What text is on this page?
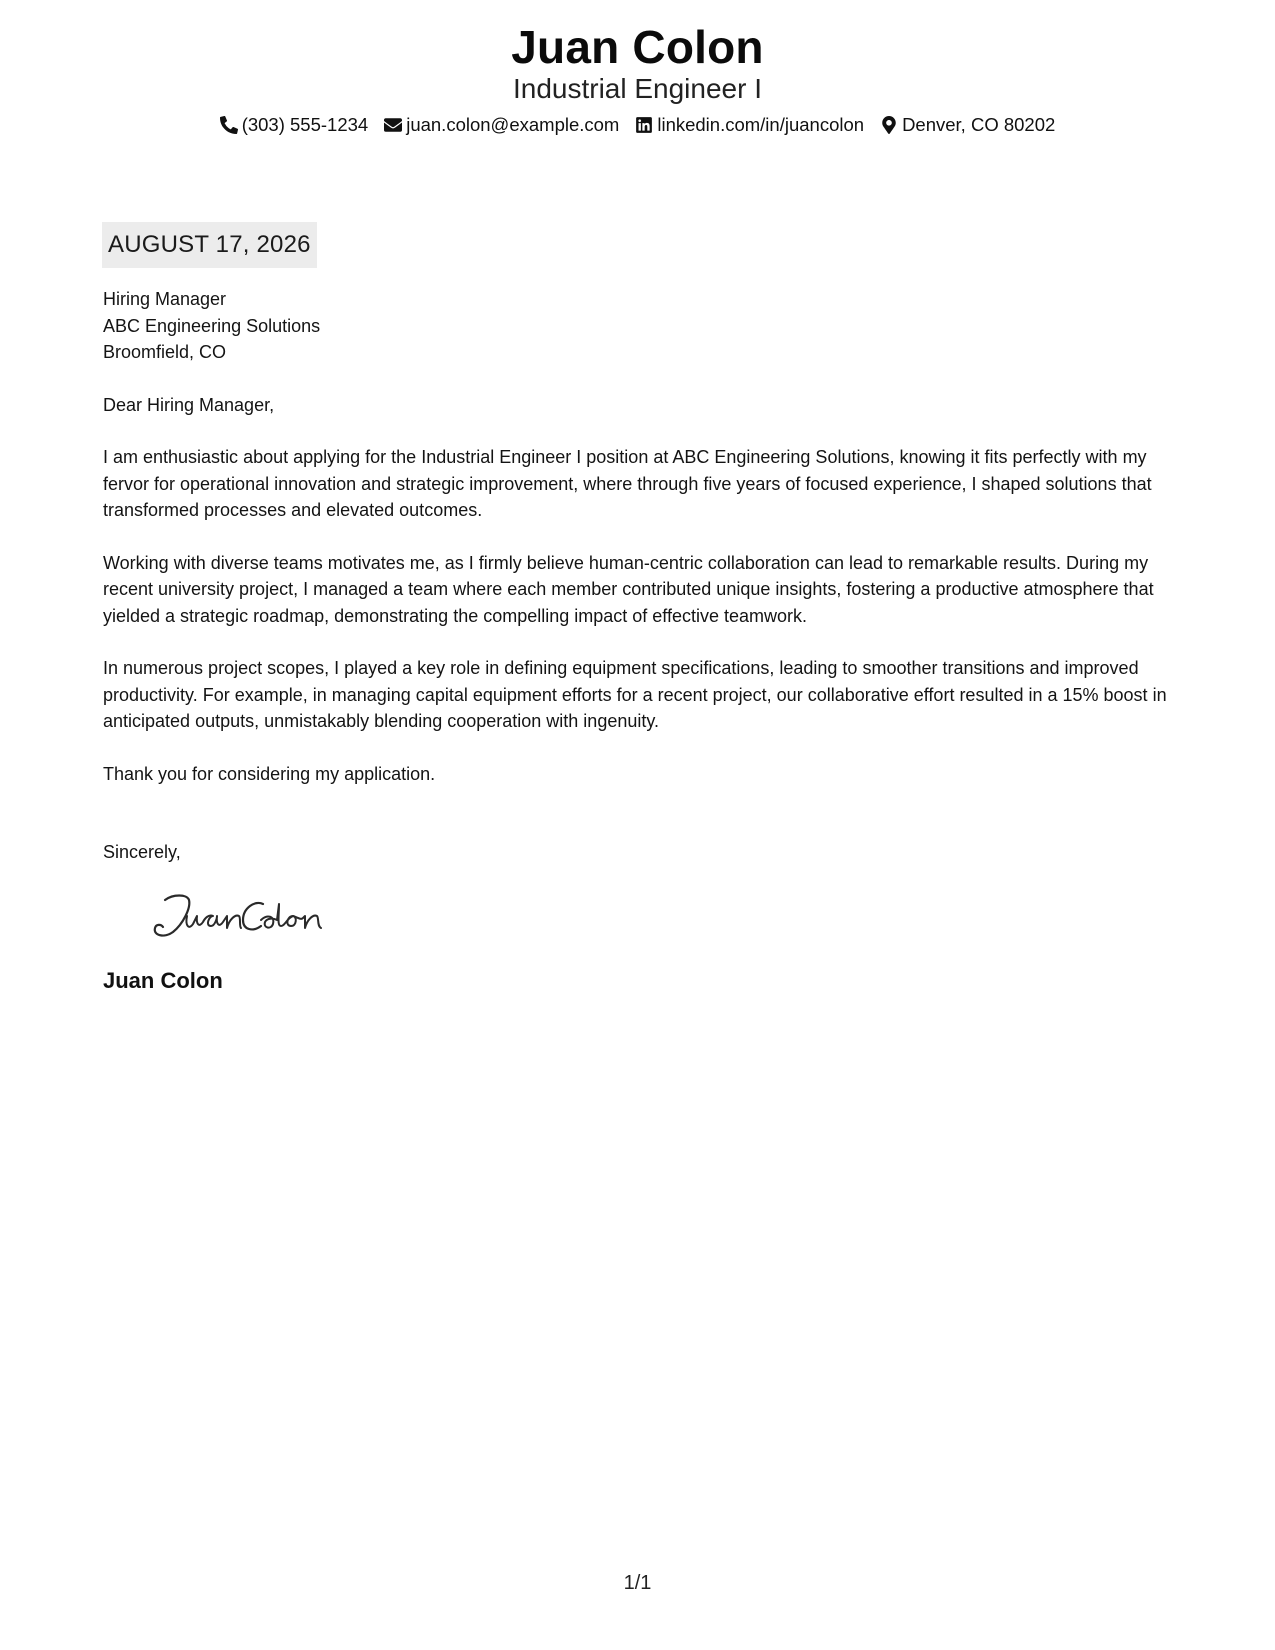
Juan Colon
Industrial Engineer I
(303) 555-1234 juan.colon@example.com linkedin.com/in/juancolon Denver, CO 80202
AUGUST 17, 2026
Hiring Manager
ABC Engineering Solutions
Broomfield, CO
Dear Hiring Manager,
I am enthusiastic about applying for the Industrial Engineer I position at ABC Engineering Solutions, knowing it fits perfectly with my fervor for operational innovation and strategic improvement, where through five years of focused experience, I shaped solutions that transformed processes and elevated outcomes.
Working with diverse teams motivates me, as I firmly believe human-centric collaboration can lead to remarkable results. During my recent university project, I managed a team where each member contributed unique insights, fostering a productive atmosphere that yielded a strategic roadmap, demonstrating the compelling impact of effective teamwork.
In numerous project scopes, I played a key role in defining equipment specifications, leading to smoother transitions and improved productivity. For example, in managing capital equipment efforts for a recent project, our collaborative effort resulted in a 15% boost in anticipated outputs, unmistakably blending cooperation with ingenuity.
Thank you for considering my application.
Sincerely,
Juan Colon
1/1
